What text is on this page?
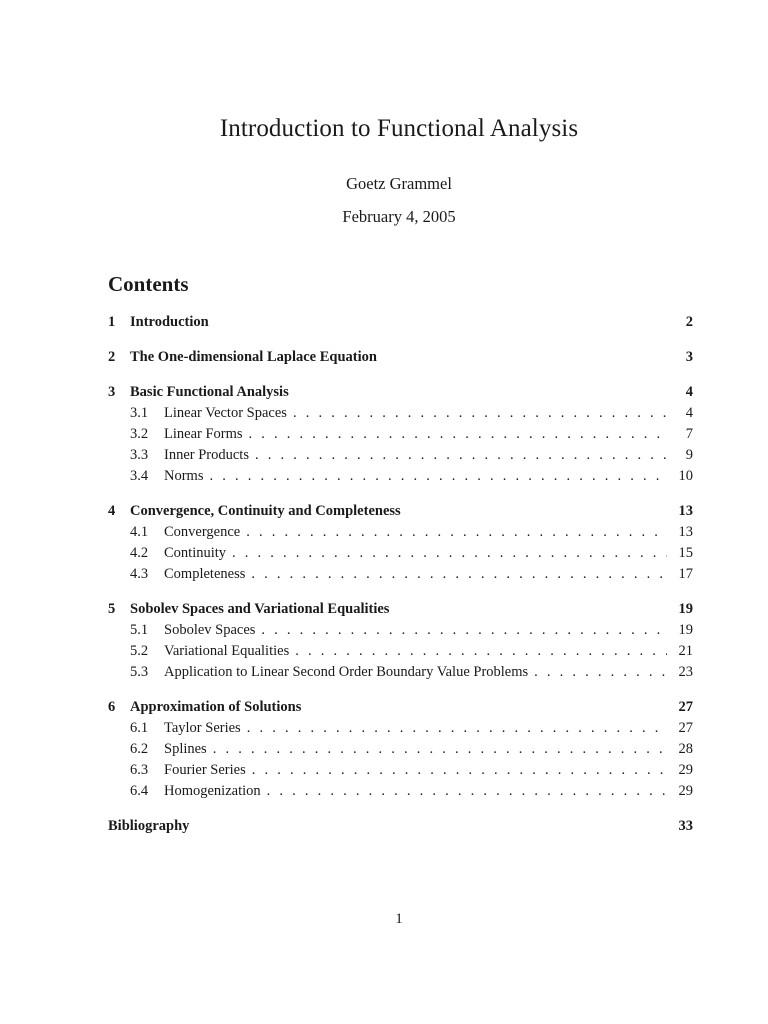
Introduction to Functional Analysis
Goetz Grammel
February 4, 2005
Contents
1	Introduction	2
2	The One-dimensional Laplace Equation	3
3	Basic Functional Analysis	4
3.1	Linear Vector Spaces . . .	4
3.2	Linear Forms . . .	7
3.3	Inner Products . . .	9
3.4	Norms . . .	10
4	Convergence, Continuity and Completeness	13
4.1	Convergence . . .	13
4.2	Continuity . . .	15
4.3	Completeness . . .	17
5	Sobolev Spaces and Variational Equalities	19
5.1	Sobolev Spaces . . .	19
5.2	Variational Equalities . . .	21
5.3	Application to Linear Second Order Boundary Value Problems . . .	23
6	Approximation of Solutions	27
6.1	Taylor Series . . .	27
6.2	Splines . . .	28
6.3	Fourier Series . . .	29
6.4	Homogenization . . .	29
Bibliography	33
1
